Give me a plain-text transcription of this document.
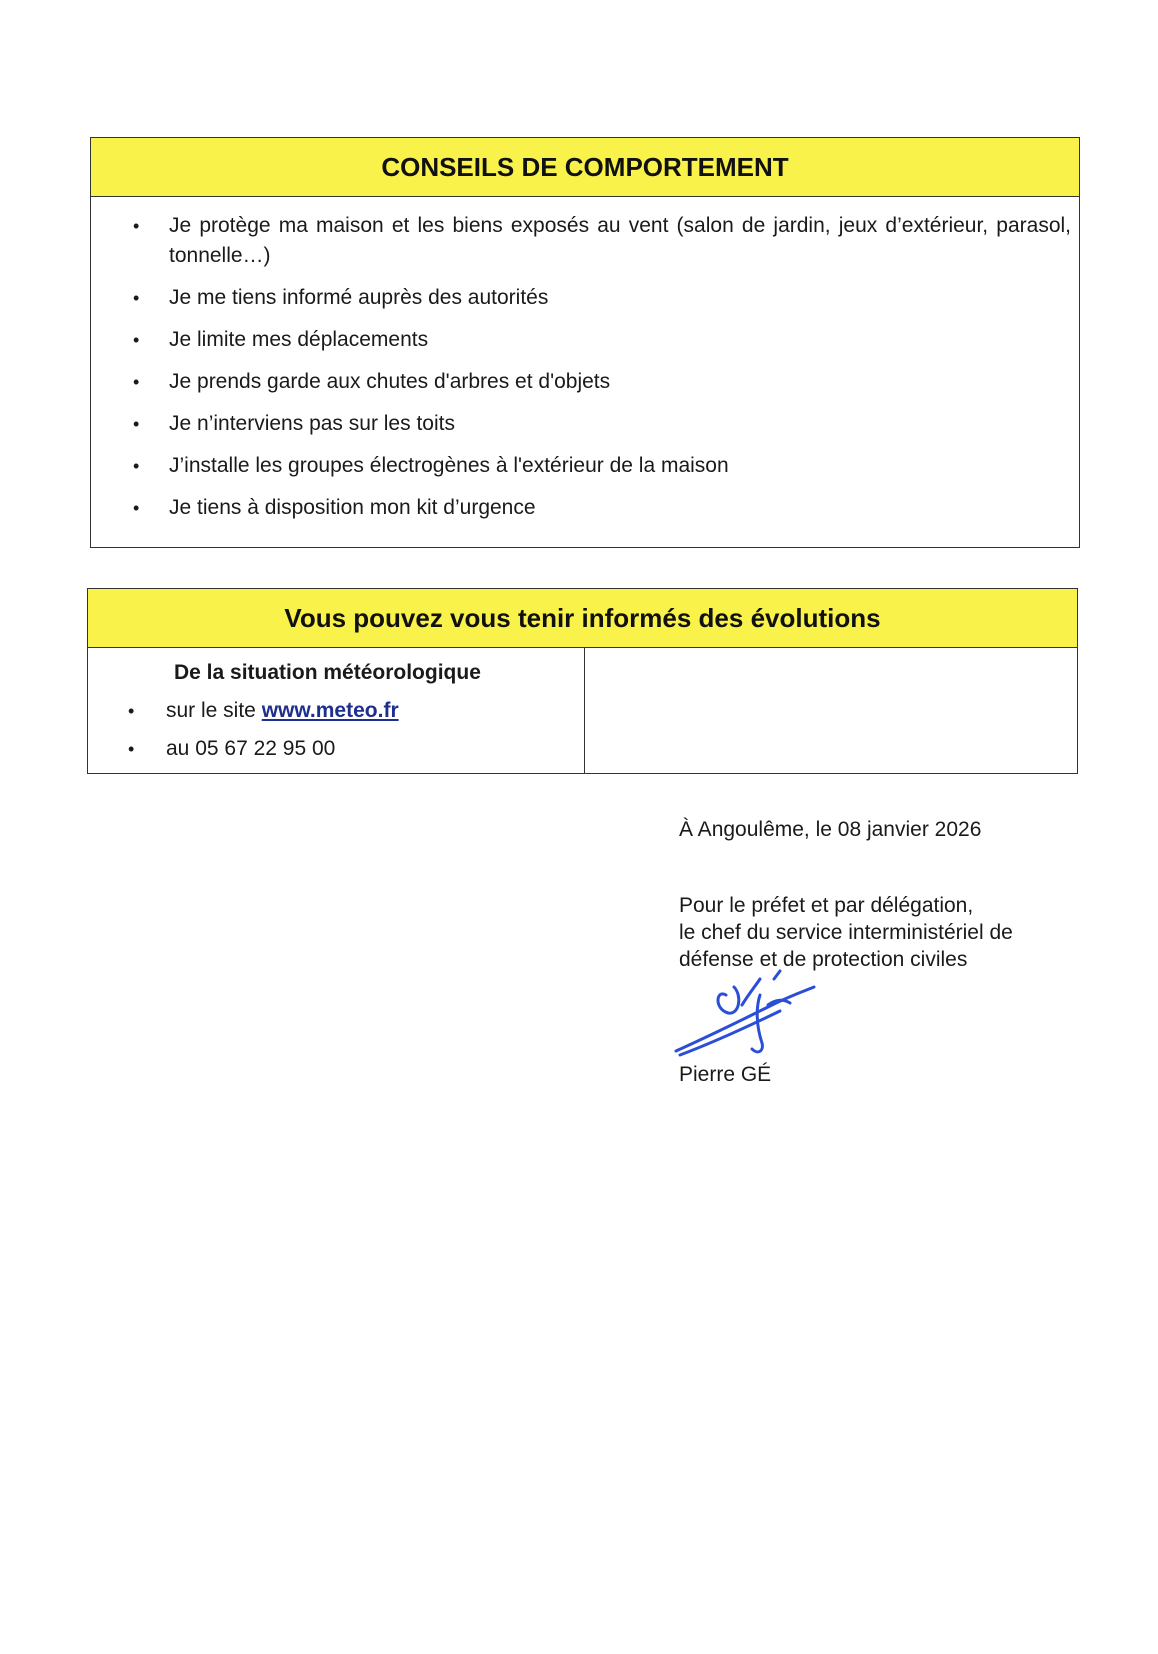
CONSEILS DE COMPORTEMENT
• Je protège ma maison et les biens exposés au vent (salon de jardin, jeux d’extérieur, parasol, tonnelle…)
• Je me tiens informé auprès des autorités
• Je limite mes déplacements
• Je prends garde aux chutes d'arbres et d'objets
• Je n’interviens pas sur les toits
• J’installe les groupes électrogènes à l'extérieur de la maison
• Je tiens à disposition mon kit d’urgence
Vous pouvez vous tenir informés des évolutions
De la situation météorologique
• sur le site www.meteo.fr
• au 05 67 22 95 00
À Angoulême, le 08 janvier 2026
Pour le préfet et par délégation,
le chef du service interministériel de
défense et de protection civiles
Pierre GÉ
